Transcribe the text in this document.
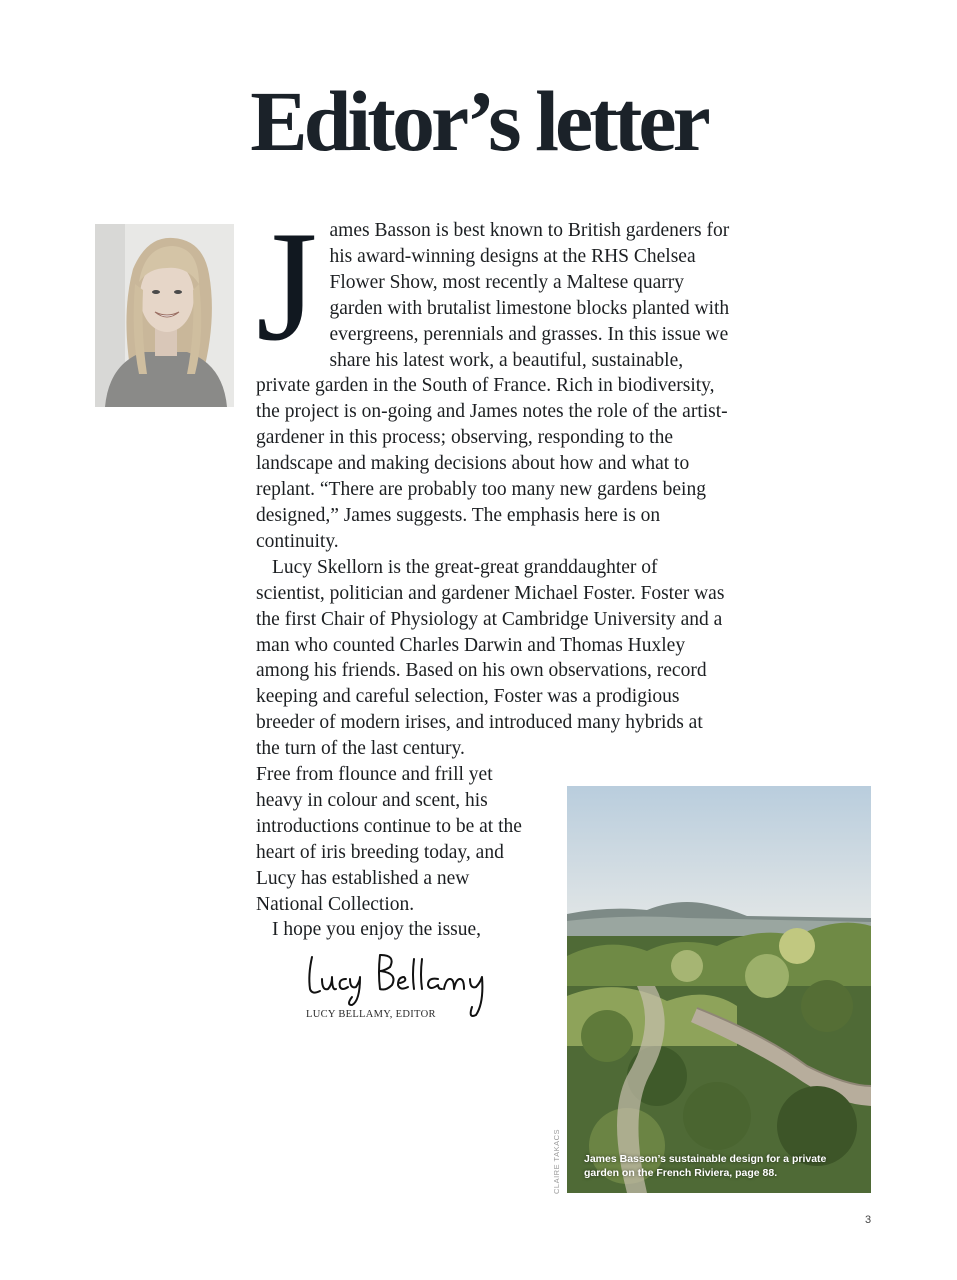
Editor’s letter

James Basson is best known to British gardeners for his award-winning designs at the RHS Chelsea Flower Show, most recently a Maltese quarry garden with brutalist limestone blocks planted with evergreens, perennials and grasses. In this issue we share his latest work, a beautiful, sustainable, private garden in the South of France. Rich in biodiversity, the project is on-going and James notes the role of the artist-gardener in this process; observing, responding to the landscape and making decisions about how and what to replant. “There are probably too many new gardens being designed,” James suggests. The emphasis here is on continuity.

Lucy Skellorn is the great-great granddaughter of scientist, politician and gardener Michael Foster. Foster was the first Chair of Physiology at Cambridge University and a man who counted Charles Darwin and Thomas Huxley among his friends. Based on his own observations, record keeping and careful selection, Foster was a prodigious breeder of modern irises, and introduced many hybrids at the turn of the last century.

Free from flounce and frill yet heavy in colour and scent, his introductions continue to be at the heart of iris breeding today, and Lucy has established a new National Collection.

I hope you enjoy the issue,

LUCY BELLAMY, EDITOR
James Basson’s sustainable design for a private garden on the French Riviera, page 88.
CLAIRE TAKACS
3
